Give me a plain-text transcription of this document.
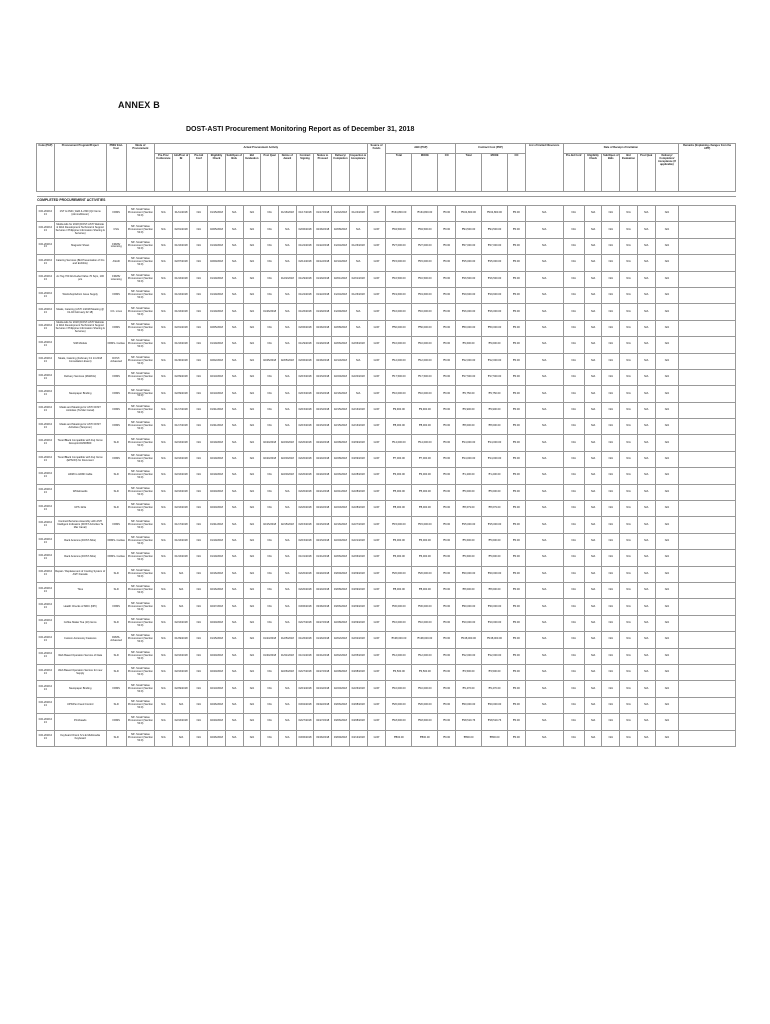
ANNEX B
DOST-ASTI Procurement Monitoring Report as of December 31, 2018
Code (PAP)	Procurement Program/Project	PMO/ End-User	Mode of Procurement	Actual Procurement Activity												Source of Funds	ABC (PhP)			Contract Cost (PhP)			List of Invited Observers	Date of Receipt of Invitation						Remarks (Explaining changes from the APP)
				Pre-Proc Conference	Ads/Post of IB	Pre-bid Conf	Eligibility Check	Sub/Open of Bids	Bid Evaluation	Post Qual	Notice of Award	Contract Signing	Notice to Proceed	Delivery/ Completion	Inspection & Acceptance		Total	MOOE	CO	Total	MOOE	CO		Pre-bid Conf	Eligibility Check	Sub/Open of Bids	Bid Evaluation	Post Qual	Delivery/ Completion/ Acceptance (If applicable)	

COMPLETED PROCUREMENT ACTIVITIES																														
ICD-2018-0 13	1ST & 2ND ( 1ER & 2ND )Qtr Items (Airconditioner)	FRMS	NP- Small Value Procurement (Section 53.9)	N/A	01/11/2018	N/A	01/15/2018	N/A	N/A	N/A	01/16/2018	01/17/2018	01/17/2018	01/22/2018	01/24/2018	GOP	₱164,800.00	₱164,800.00	₱0.00	₱164,800.00	₱164,800.00	₱0.00	N/A	N/A	N/A	N/A	N/A	N/A	N/A	
ICD-2018-0 13	Media Ads for 2018 (DOST-ASTI Website & Web Development Technical & Support Services / Philippine Information Sharing & Services)	CSG	NP- Small Value Procurement (Section 53.9)	N/A	02/01/2018	N/A	02/05/2018	N/A	N/A	N/A	N/A	02/06/2018	02/06/2018	02/08/2018	N/A	GOP	₱94,500.00	₱94,500.00	₱0.00	₱94,500.00	₱94,500.00	₱0.00	N/A	N/A	N/A	N/A	N/A	N/A	N/A	
ICD-2018-0 13	Magnetic Sheet	FRMS/ Licensing	NP- Small Value Procurement (Section 53.9)	N/A	01/16/2018	N/A	01/19/2018	N/A	N/A	N/A	N/A	01/22/2018	01/22/2018	01/24/2018	01/26/2018	GOP	₱27,000.00	₱27,000.00	₱0.00	₱27,000.00	₱27,000.00	₱0.00	N/A	N/A	N/A	N/A	N/A	N/A	N/A	
ICD-2018-0 13	Catering Services (Bid Presentation of ICs and Exhibits)	ASAD	NP- Small Value Procurement (Section 53.9)	N/A	02/07/2018	N/A	02/09/2018	N/A	N/A	N/A	N/A	02/12/2018	02/12/2018	02/14/2018	N/A	GOP	₱15,000.00	₱15,000.00	₱0.00	₱15,000.00	₱15,000.00	₱0.00	N/A	N/A	N/A	N/A	N/A	N/A	N/A	
ICD-2018-0 13	Ac Tag 700 Ahv/Label Valve 70 Sqm, 100 pcs	FRMS/ Licensing	NP- Small Value Procurement (Section 53.9)	N/A	01/16/2018	N/A	01/19/2018	N/A	N/A	N/A	01/22/2018	01/29/2018	01/29/2018	02/01/2018	02/01/2018	GOP	₱16,500.00	₱16,500.00	₱0.00	₱16,500.00	₱16,500.00	₱0.00	N/A	N/A	N/A	N/A	N/A	N/A	N/A	
ICD-2018-0 13	Workshop/Admin Issue Supply	FRMS	NP- Small Value Procurement (Section 53.9)	N/A	01/16/2018	N/A	01/19/2018	N/A	N/A	N/A	N/A	01/22/2018	01/22/2018	01/24/2018	01/26/2018	GOP	₱19,600.00	₱19,600.00	₱0.00	₱19,600.00	₱19,600.00	₱0.00	N/A	N/A	N/A	N/A	N/A	N/A	N/A	
ICD-2018-0 13	Meals, Catering (ASTI 1/2018 Meeting @ 01-02 February 02 18)	CO- Linux	NP- Small Value Procurement (Section 53.9)	N/A	01/16/2018	N/A	01/19/2018	N/A	N/A	01/26/2018	N/A	01/26/2018	01/29/2018	01/29/2018	N/A	GOP	₱16,000.00	₱16,000.00	₱0.00	₱16,000.00	₱16,000.00	₱0.00	N/A	N/A	N/A	N/A	N/A	N/A	N/A	
ICD-2018-0 13	Media Ads for 2018 (DOST-ASTI Website & Web Development Technical & Support Services / Philippine Information Sharing & Services)	FRMS	NP- Small Value Procurement (Section 53.9)	N/A	02/01/2018	N/A	02/05/2018	N/A	N/A	N/A	N/A	02/06/2018	02/06/2018	02/08/2018	N/A	GOP	₱50,000.00	₱50,000.00	₱0.00	₱50,000.00	₱50,000.00	₱0.00	N/A	N/A	N/A	N/A	N/A	N/A	N/A	
ICD-2018-0 13	SIM Module	FRMS- Caritas	NP- Small Value Procurement (Section 53.9)	N/A	01/16/2018	N/A	01/19/2018	N/A	N/A	N/A	N/A	01/29/2018	01/29/2018	02/06/2018	02/06/2018	GOP	₱10,000.00	₱10,000.00	₱0.00	₱9,600.00	₱9,600.00	₱0.00	N/A	N/A	N/A	N/A	N/A	N/A	N/A	
ICD-2018-0 13	Meals, Catering (February 13 14 2018 Consultation Event)	DOST-Advanced	NP- Small Value Procurement (Section 53.9)	N/A	01/30/2018	N/A	02/02/2018	N/A	N/A	02/05/2018	02/05/2018	02/06/2018	02/06/2018	02/13/2018	N/A	GOP	₱12,000.00	₱12,000.00	₱0.00	₱12,000.00	₱12,000.00	₱0.00	N/A	N/A	N/A	N/A	N/A	N/A	N/A	
ICD-2018-0 13	Delivery Services (MARCH)	FRMS	NP- Small Value Procurement (Section 53.9)	N/A	02/09/2018	N/A	02/13/2018	N/A	N/A	N/A	N/A	02/15/2018	02/15/2018	02/20/2018	02/20/2018	GOP	₱17,500.00	₱17,500.00	₱0.00	₱17,500.00	₱17,500.00	₱0.00	N/A	N/A	N/A	N/A	N/A	N/A	N/A	
ICD-2018-0 13	Newspaper Binding	FRMS	NP- Small Value Procurement (Section 53.9)	N/A	02/09/2018	N/A	02/13/2018	N/A	N/A	N/A	N/A	02/15/2018	02/15/2018	02/16/2018	N/A	GOP	₱10,000.00	₱10,000.00	₱0.00	₱9,750.00	₱9,750.00	₱0.00	N/A	N/A	N/A	N/A	N/A	N/A	N/A	
ICD-2018-0 13	Meals and Meetings for ASTI DOST Activities (Ta Mar Canal)	FRMS	NP- Small Value Procurement (Section 53.9)	N/A	01/17/2018	N/A	01/31/2018	N/A	N/A	N/A	N/A	02/15/2018	02/15/2018	02/15/2018	02/16/2018	GOP	₱9,900.00	₱9,900.00	₱0.00	₱9,900.00	₱9,900.00	₱0.00	N/A	N/A	N/A	N/A	N/A	N/A	N/A	
ICD-2018-0 13	Meals and Meetings for ASTI DOST Activities (Tampnon)	FRMS	NP- Small Value Procurement (Section 53.9)	N/A	01/17/2018	N/A	01/31/2018	N/A	N/A	N/A	N/A	02/15/2018	02/15/2018	02/15/2018	02/16/2018	GOP	₱8,000.00	₱8,000.00	₱0.00	₱8,000.00	₱8,000.00	₱0.00	N/A	N/A	N/A	N/A	N/A	N/A	N/A	
ICD-2018-0 13	Toner/Black Compatible with Fuji Xerox DocuprintCM305DF	SLD	NP- Small Value Procurement (Section 53.9)	N/A	02/16/2018	N/A	02/19/2018	N/A	N/A	02/20/2018	02/20/2018	02/20/2018	02/20/2018	02/28/2018	03/09/2018	GOP	₱14,000.00	₱14,000.00	₱0.00	₱14,000.00	₱14,000.00	₱0.00	N/A	N/A	N/A	N/A	N/A	N/A	N/A	
ICD-2018-0 13	Toner/Black Compatible with Fuji Xerox (EPSON) for Document	FRMS	NP- Small Value Procurement (Section 53.9)	N/A	02/16/2018	N/A	02/19/2018	N/A	N/A	02/20/2018	02/20/2018	02/20/2018	02/20/2018	02/28/2018	03/09/2018	GOP	₱7,000.00	₱7,000.00	₱0.00	₱14,000.00	₱14,000.00	₱0.00	N/A	N/A	N/A	N/A	N/A	N/A	N/A	
ICD-2018-0 13	HDMI to HDMI Cable	SLD	NP- Small Value Procurement (Section 53.9)	N/A	02/16/2018	N/A	02/19/2018	N/A	N/A	N/A	02/20/2018	02/20/2018	02/20/2018	02/26/2018	02/28/2018	GOP	₱3,000.00	₱3,000.00	₱0.00	₱1,200.00	₱1,200.00	₱0.00	N/A	N/A	N/A	N/A	N/A	N/A	N/A	
ICD-2018-0 13	Whiteboards	SLD	NP- Small Value Procurement (Section 53.9)	N/A	02/16/2018	N/A	02/20/2018	N/A	N/A	N/A	N/A	02/20/2018	02/21/2018	02/21/2018	02/28/2018	GOP	₱5,000.00	₱5,000.00	₱0.00	₱5,000.00	₱5,000.00	₱0.00	N/A	N/A	N/A	N/A	N/A	N/A	N/A	
ICD-2018-0 13	UPS 1kVa	SLD	NP- Small Value Procurement (Section 53.9)	N/A	02/16/2018	N/A	02/20/2018	N/A	N/A	N/A	N/A	02/20/2018	02/20/2018	02/23/2018	02/28/2018	GOP	₱8,000.00	₱8,000.00	₱0.00	₱8,679.00	₱8,679.00	₱0.00	N/A	N/A	N/A	N/A	N/A	N/A	N/A	
ICD-2018-0 13	Contract/Services Assembly with ASTI Intelligent Indicators (DOST Activities Ta Mar Canal)	FRMS	NP- Small Value Procurement (Section 53.9)	N/A	01/17/2018	N/A	01/31/2018	N/A	N/A	02/15/2018	02/15/2018	02/15/2018	02/15/2018	02/16/2018	02/27/2018	GOP	₱15,000.00	₱15,000.00	₱0.00	₱15,000.00	₱15,000.00	₱0.00	N/A	N/A	N/A	N/A	N/A	N/A	N/A	
ICD-2018-0 13	Rack Antenna (DOST-Stbe)	FRMS- Caritas	NP- Small Value Procurement (Section 53.9)	N/A	01/16/2018	N/A	01/19/2018	N/A	N/A	N/A	N/A	02/15/2018	02/15/2018	02/20/2018	02/21/2018	GOP	₱6,000.00	₱6,000.00	₱0.00	₱5,600.00	₱5,600.00	₱0.00	N/A	N/A	N/A	N/A	N/A	N/A	N/A	
ICD-2018-0 13	Rack Antenna (DOST-Stbe)	FRMS- Caritas	NP- Small Value Procurement (Section 53.9)	N/A	01/16/2018	N/A	01/19/2018	N/A	N/A	N/A	N/A	01/31/2018	01/31/2018	02/06/2018	02/06/2018	GOP	₱6,000.00	₱6,000.00	₱0.00	₱5,600.00	₱5,600.00	₱0.00	N/A	N/A	N/A	N/A	N/A	N/A	N/A	
ICD-2018-0 13	Repair / Replacement of Cooling System of ASTI Facade	SLD	NP- Small Value Procurement (Section 53.9)	N/A	N/A	N/A	02/16/2018	N/A	N/A	N/A	N/A	02/20/2018	02/20/2018	03/09/2018	03/09/2018	GOP	₱20,000.00	₱20,000.00	₱0.00	₱20,000.00	₱20,000.00	₱0.00	N/A	N/A	N/A	N/A	N/A	N/A	N/A	
ICD-2018-0 13	Tires	SLD	NP- Small Value Procurement (Section 53.9)	N/A	N/A	N/A	02/16/2018	N/A	N/A	N/A	N/A	02/20/2018	02/20/2018	03/08/2018	03/09/2018	GOP	₱8,000.00	₱8,000.00	₱0.00	₱8,000.00	₱8,000.00	₱0.00	N/A	N/A	N/A	N/A	N/A	N/A	N/A	
ICD-2018-0 13	Health Checks of MDC (NPI)	FRMS	NP- Small Value Procurement (Section 53.9)	N/A	N/A	N/A	02/27/2018	N/A	N/A	N/A	N/A	03/06/2018	03/06/2018	03/06/2018	03/09/2018	GOP	₱30,000.00	₱30,000.00	₱0.00	₱30,000.00	₱30,000.00	₱0.00	N/A	N/A	N/A	N/A	N/A	N/A	N/A	
ICD-2018-0 13	Coffee Maker Tea (10) Items	SLD	NP- Small Value Procurement (Section 53.9)	N/A	02/16/2018	N/A	02/20/2018	N/A	N/A	N/A	N/A	02/27/2018	02/27/2018	02/28/2018	03/09/2018	GOP	₱10,000.00	₱10,000.00	₱0.00	₱10,000.00	₱10,000.00	₱0.00	N/A	N/A	N/A	N/A	N/A	N/A	N/A	
ICD-2018-0 13	Custom Accessory Features	FRMS-Advanced	NP- Small Value Procurement (Section 53.9)	N/A	01/09/2018	N/A	01/15/2018	N/A	N/A	01/23/2018	01/25/2018	01/26/2018	01/26/2018	02/02/2018	02/02/2018	GOP	₱138,000.00	₱138,000.00	₱0.00	₱138,000.00	₱138,000.00	₱0.00	N/A	N/A	N/A	N/A	N/A	N/A	N/A	
ICD-2018-0 13	Web Based Operation Service of Data	SLD	NP- Small Value Procurement (Section 53.9)	N/A	02/16/2018	N/A	02/20/2018	N/A	N/A	01/30/2018	01/31/2018	01/31/2018	02/01/2018	02/02/2018	02/05/2018	GOP	₱12,000.00	₱12,000.00	₱0.00	₱12,000.00	₱12,000.00	₱0.00	N/A	N/A	N/A	N/A	N/A	N/A	N/A	
ICD-2018-0 13	Web Based Operation Service for new Supply	SLD	NP- Small Value Procurement (Section 53.9)	N/A	02/16/2018	N/A	02/20/2018	N/A	N/A	N/A	02/26/2018	02/27/2018	02/27/2018	02/28/2018	03/08/2018	GOP	₱3,500.00	₱3,500.00	₱0.00	₱3,500.00	₱3,500.00	₱0.00	N/A	N/A	N/A	N/A	N/A	N/A	N/A	
ICD-2018-0 13	Newspaper Binding	FRMS	NP- Small Value Procurement (Section 53.9)	N/A	02/09/2018	N/A	02/13/2018	N/A	N/A	N/A	N/A	02/19/2018	02/19/2018	02/20/2018	02/26/2018	GOP	₱10,000.00	₱10,000.00	₱0.00	₱9,476.00	₱9,476.00	₱0.00	N/A	N/A	N/A	N/A	N/A	N/A	N/A	
ICD-2018-0 13	UPS/Pen Feed Control	SLD	NP- Small Value Procurement (Section 53.9)	N/A	N/A	N/A	02/26/2018	N/A	N/A	N/A	N/A	03/02/2018	03/02/2018	03/06/2018	03/08/2018	GOP	₱20,000.00	₱20,000.00	₱0.00	₱20,000.00	₱20,000.00	₱0.00	N/A	N/A	N/A	N/A	N/A	N/A	N/A	
ICD-2018-0 13	Printheads	FRMS	NP- Small Value Procurement (Section 53.9)	N/A	02/16/2018	N/A	02/20/2018	N/A	N/A	N/A	N/A	02/27/2018	02/27/2018	03/06/2018	03/08/2018	GOP	₱18,600.00	₱18,600.00	₱0.00	₱18,519.76	₱18,519.76	₱0.00	N/A	N/A	N/A	N/A	N/A	N/A	N/A	
ICD-2018-0 13	Keyboard Orient S-V-E Multimedia Keyboard	SLD	NP- Small Value Procurement (Section 53.9)	N/A	N/A	N/A	02/26/2018	N/A	N/A	N/A	N/A	03/06/2018	03/06/2018	03/09/2018	03/13/2018	GOP	₱800.00	₱800.00	₱0.00	₱800.00	₱800.00	₱0.00	N/A	N/A	N/A	N/A	N/A	N/A	N/A	
